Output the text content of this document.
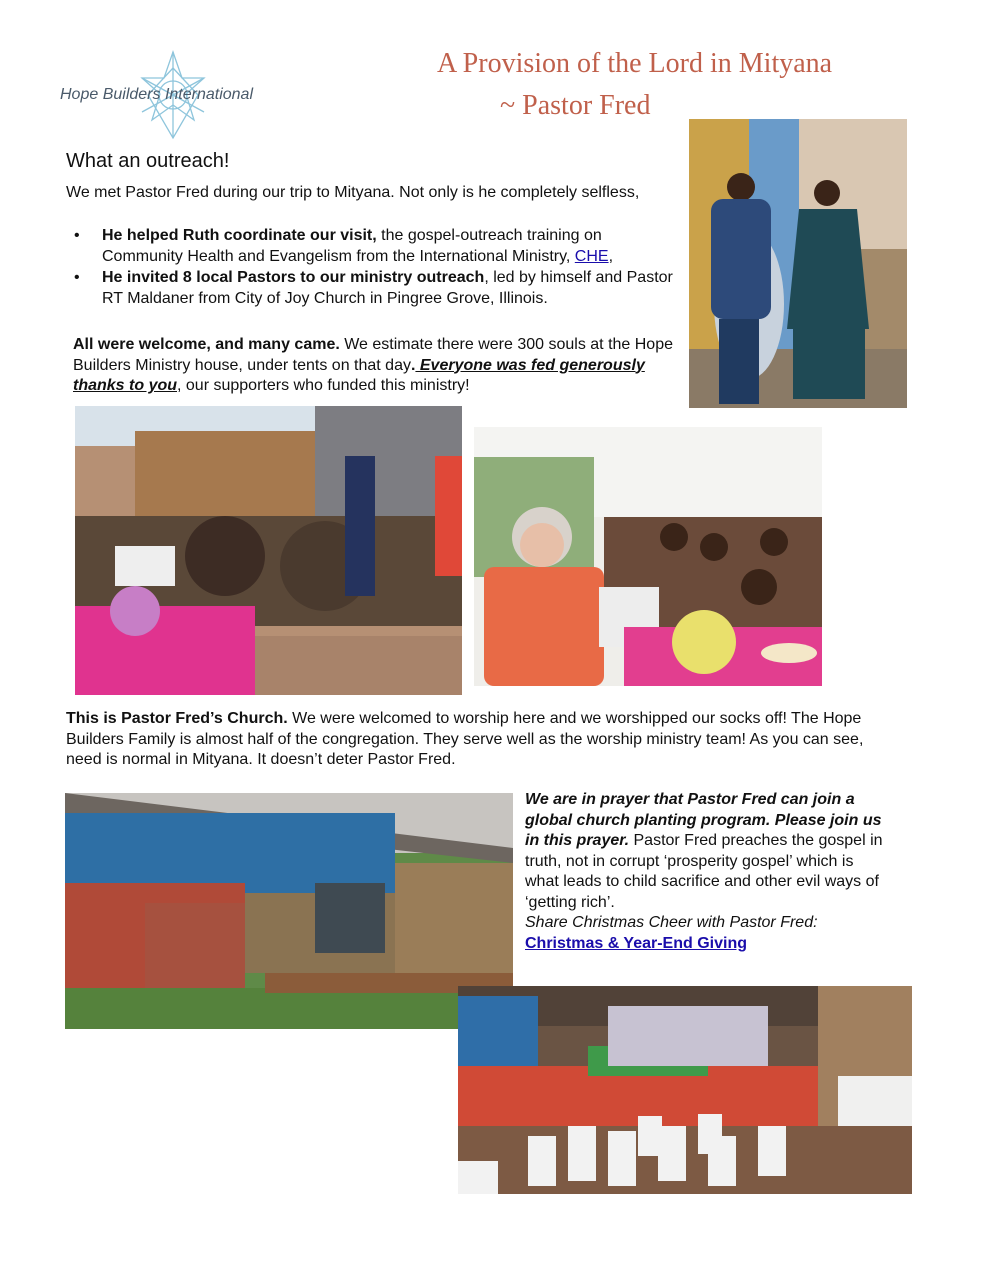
Hope Builders International
A Provision of the Lord in Mityana
~ Pastor Fred
What an outreach!
We met Pastor Fred during our trip to Mityana. Not only is he completely selfless,
• He helped Ruth coordinate our visit, the gospel-outreach training on Community Health and Evangelism from the International Ministry, CHE,
• He invited 8 local Pastors to our ministry outreach, led by himself and Pastor RT Maldaner from City of Joy Church in Pingree Grove, Illinois.
All were welcome, and many came. We estimate there were 300 souls at the Hope Builders Ministry house, under tents on that day. Everyone was fed generously thanks to you, our supporters who funded this ministry!
This is Pastor Fred’s Church. We were welcomed to worship here and we worshipped our socks off! The Hope Builders Family is almost half of the congregation. They serve well as the worship ministry team! As you can see, need is normal in Mityana. It doesn’t deter Pastor Fred.
We are in prayer that Pastor Fred can join a global church planting program. Please join us in this prayer. Pastor Fred preaches the gospel in truth, not in corrupt ‘prosperity gospel’ which is what leads to child sacrifice and other evil ways of ‘getting rich’.
Share Christmas Cheer with Pastor Fred:
Christmas & Year-End Giving
